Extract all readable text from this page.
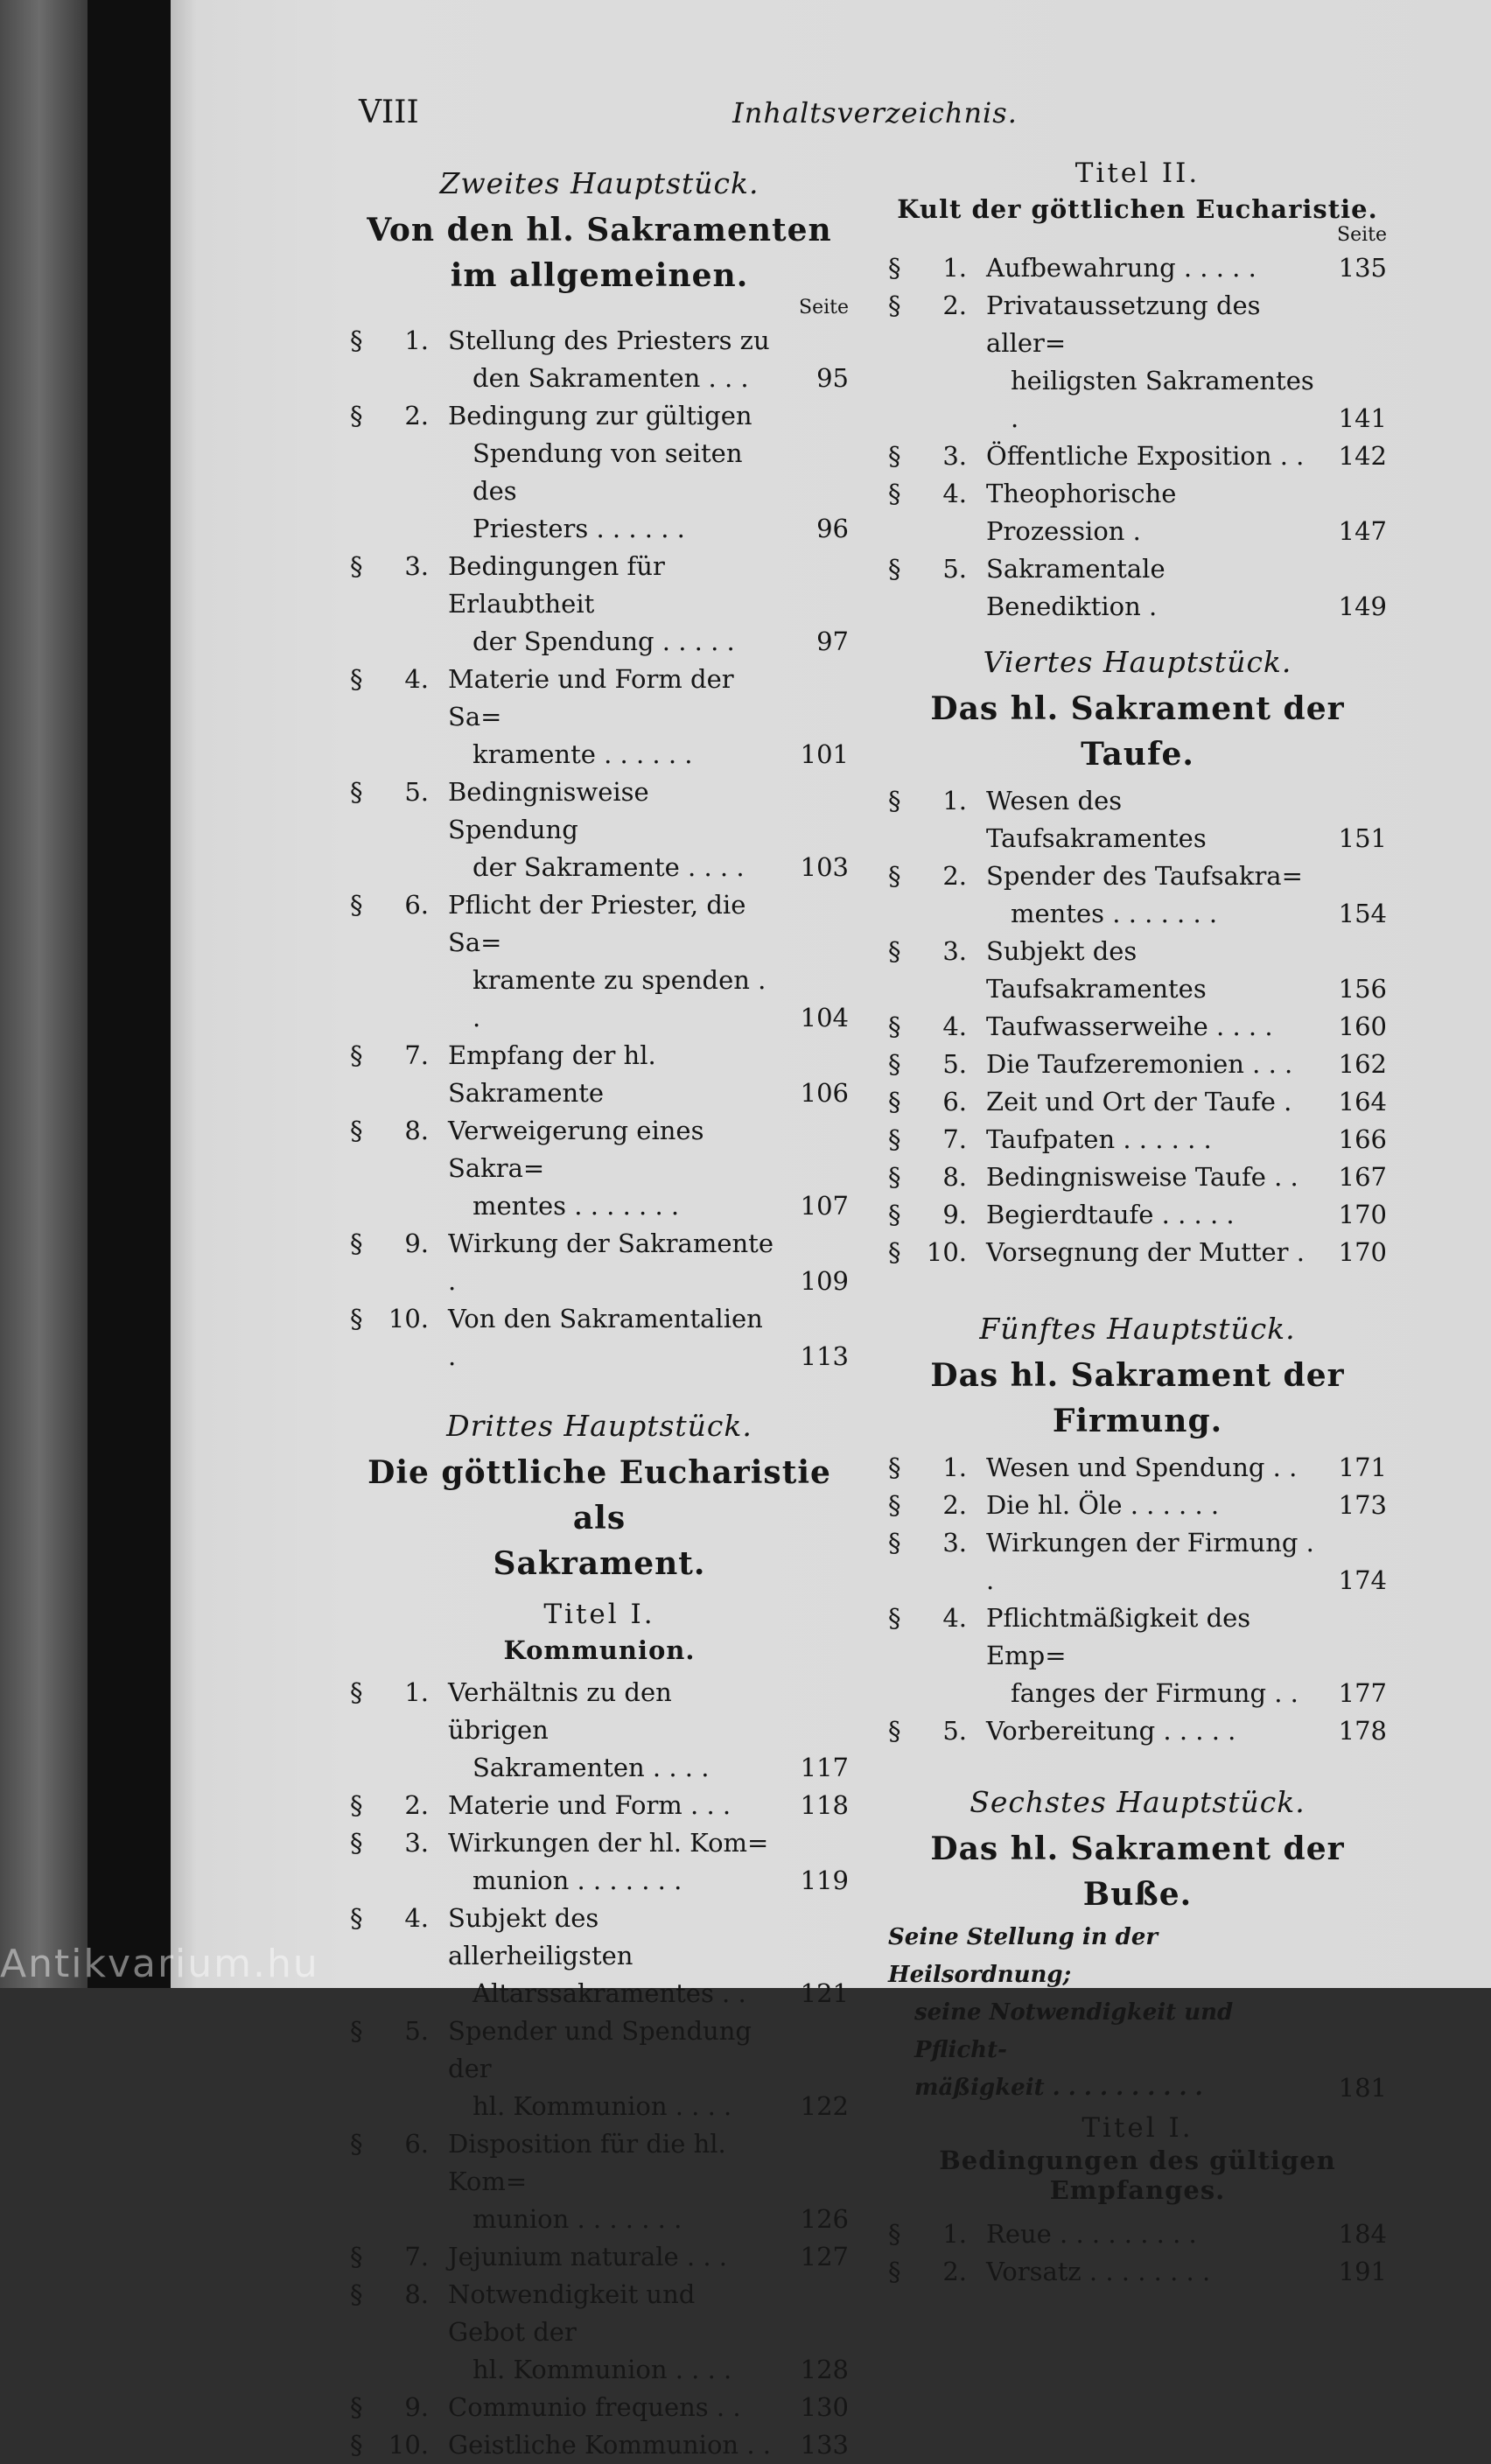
Antikvarium.hu
VIII	Inhaltsverzeichnis.
Zweites Hauptstück.
Von den hl. Sakramenten
im allgemeinen.
Seite
§	1. Stellung des Priesters zu
den Sakramenten . . .	95
§	2. Bedingung zur gültigen
Spendung von seiten des
Priesters . . . . . .	96
§	3. Bedingungen für Erlaubtheit
der Spendung . . . . .	97
§	4. Materie und Form der Sa=
kramente . . . . . .	101
§	5. Bedingnisweise Spendung
der Sakramente . . . .	103
§	6. Pflicht der Priester, die Sa=
kramente zu spenden . .	104
§	7. Empfang der hl. Sakramente	106
§	8. Verweigerung eines Sakra=
mentes . . . . . . .	107
§	9. Wirkung der Sakramente .	109
§	10. Von den Sakramentalien .	113
Drittes Hauptstück.
Die göttliche Eucharistie als
Sakrament.
Titel I.
Kommunion.
§	1. Verhältnis zu den übrigen
Sakramenten . . . .	117
§	2. Materie und Form . . .	118
§	3. Wirkungen der hl. Kom=
munion . . . . . . .	119
§	4. Subjekt des allerheiligsten
Altarssakramentes . .	121
§	5. Spender und Spendung der
hl. Kommunion . . . .	122
§	6. Disposition für die hl. Kom=
munion . . . . . . .	126
§	7. Jejunium naturale . . .	127
§	8. Notwendigkeit und Gebot der
hl. Kommunion . . . .	128
§	9. Communio frequens . .	130
§	10. Geistliche Kommunion . .	133
Titel II.
Kult der göttlichen Eucharistie.
Seite
§	1. Aufbewahrung . . . . .	135
§	2. Privataussetzung des aller=
heiligsten Sakramentes .	141
§	3. Öffentliche Exposition . .	142
§	4. Theophorische Prozession .	147
§	5. Sakramentale Benediktion .	149
Viertes Hauptstück.
Das hl. Sakrament der Taufe.
§	1. Wesen des Taufsakramentes	151
§	2. Spender des Taufsakra=
mentes . . . . . . .	154
§	3. Subjekt des Taufsakramentes	156
§	4. Taufwasserweihe . . . .	160
§	5. Die Taufzeremonien . . .	162
§	6. Zeit und Ort der Taufe .	164
§	7. Taufpaten . . . . . .	166
§	8. Bedingnisweise Taufe . .	167
§	9. Begierdtaufe . . . . .	170
§	10. Vorsegnung der Mutter .	170
Fünftes Hauptstück.
Das hl. Sakrament der
Firmung.
§	1. Wesen und Spendung . .	171
§	2. Die hl. Öle . . . . . .	173
§	3. Wirkungen der Firmung . .	174
§	4. Pflichtmäßigkeit des Emp=
fanges der Firmung . .	177
§	5. Vorbereitung . . . . .	178
Sechstes Hauptstück.
Das hl. Sakrament der Buße.
Seine Stellung in der Heilsordnung;
seine Notwendigkeit und Pflicht-
mäßigkeit . . . . . . . . . .	181
Titel I.
Bedingungen des gültigen Empfanges.
§	1. Reue . . . . . . . . .	184
§	2. Vorsatz . . . . . . . .	191
